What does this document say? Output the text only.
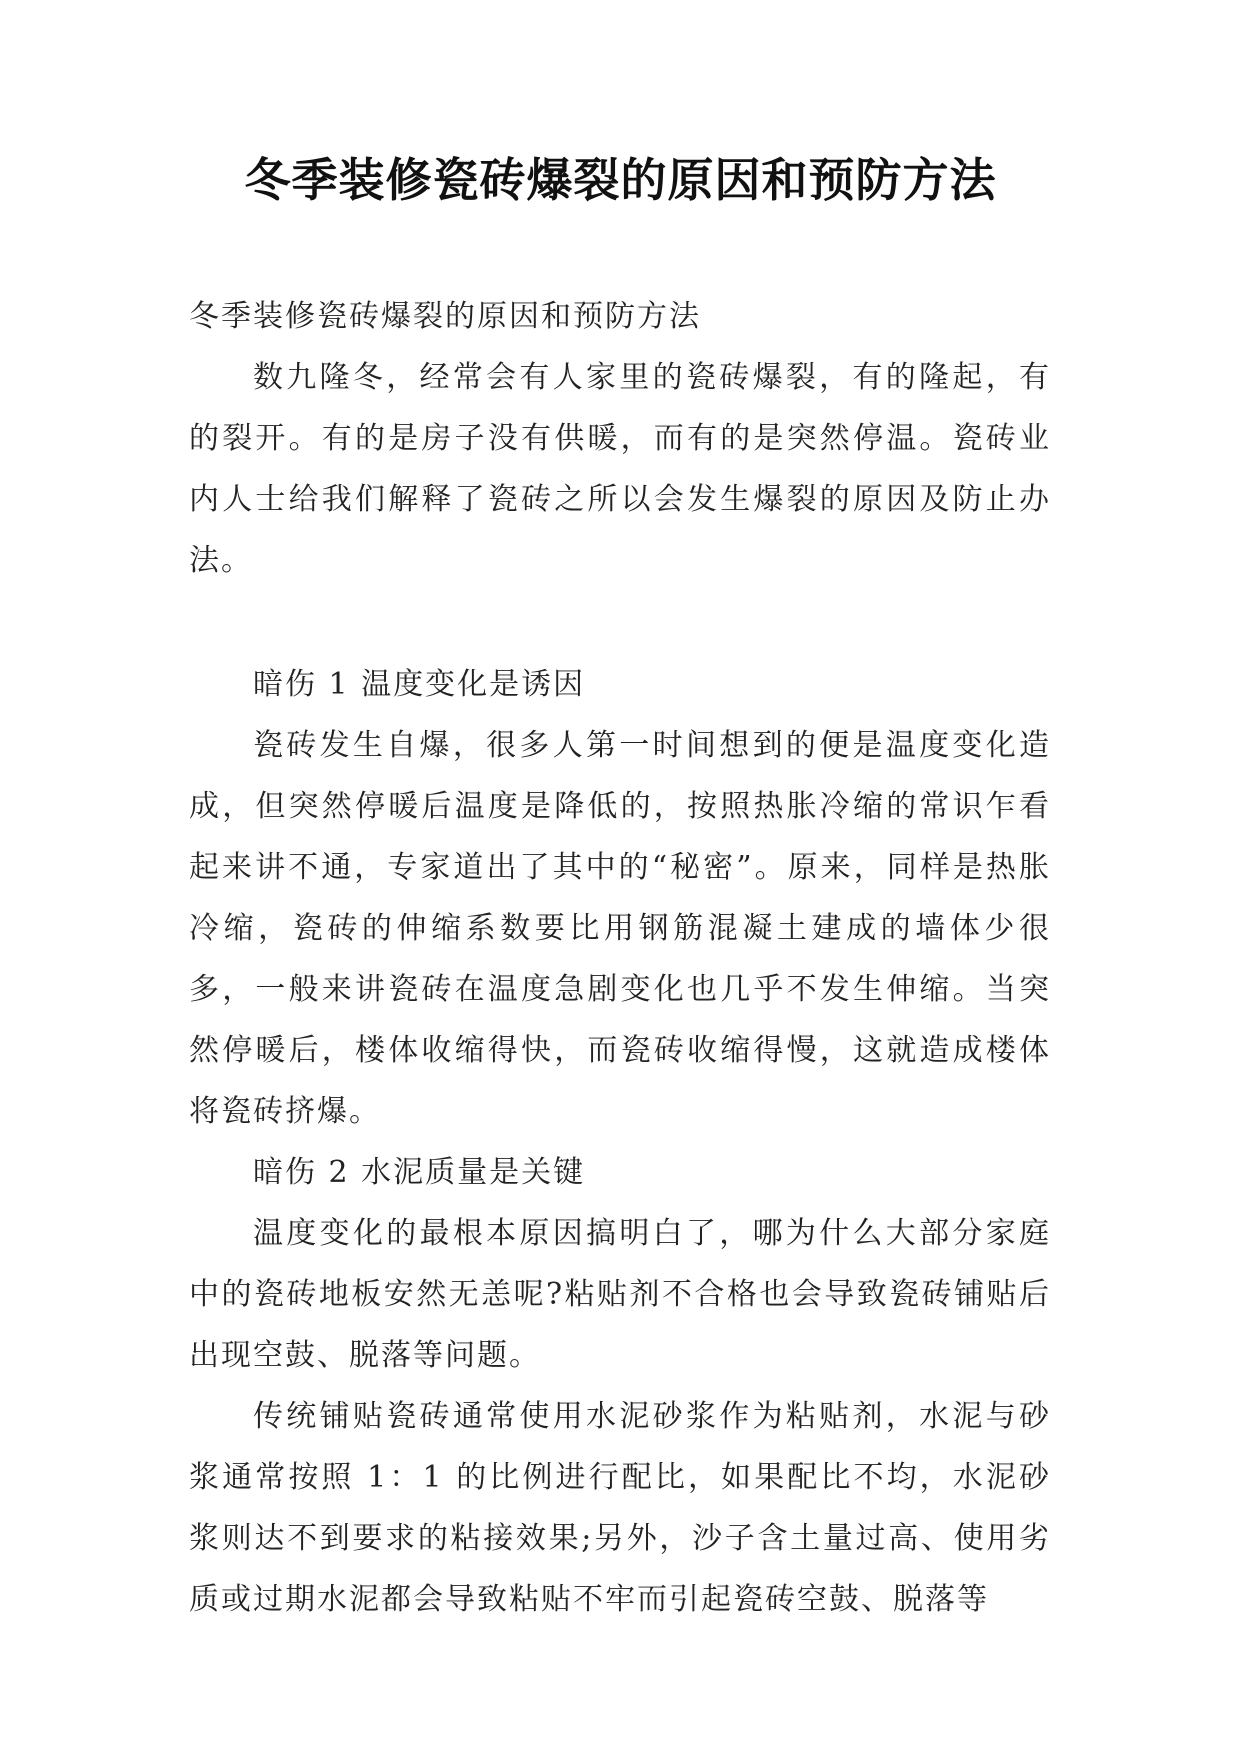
冬季装修瓷砖爆裂的原因和预防方法

冬季装修瓷砖爆裂的原因和预防方法

数九隆冬，经常会有人家里的瓷砖爆裂，有的隆起，有的裂开。有的是房子没有供暖，而有的是突然停温。瓷砖业内人士给我们解释了瓷砖之所以会发生爆裂的原因及防止办法。

暗伤 1 温度变化是诱因

瓷砖发生自爆，很多人第一时间想到的便是温度变化造成，但突然停暖后温度是降低的，按照热胀冷缩的常识乍看起来讲不通，专家道出了其中的“秘密”。原来，同样是热胀冷缩，瓷砖的伸缩系数要比用钢筋混凝土建成的墙体少很多，一般来讲瓷砖在温度急剧变化也几乎不发生伸缩。当突然停暖后，楼体收缩得快，而瓷砖收缩得慢，这就造成楼体将瓷砖挤爆。

暗伤 2 水泥质量是关键

温度变化的最根本原因搞明白了，哪为什么大部分家庭中的瓷砖地板安然无恙呢?粘贴剂不合格也会导致瓷砖铺贴后出现空鼓、脱落等问题。

传统铺贴瓷砖通常使用水泥砂浆作为粘贴剂，水泥与砂浆通常按照 1：1 的比例进行配比，如果配比不均，水泥砂浆则达不到要求的粘接效果;另外，沙子含土量过高、使用劣质或过期水泥都会导致粘贴不牢而引起瓷砖空鼓、脱落等
